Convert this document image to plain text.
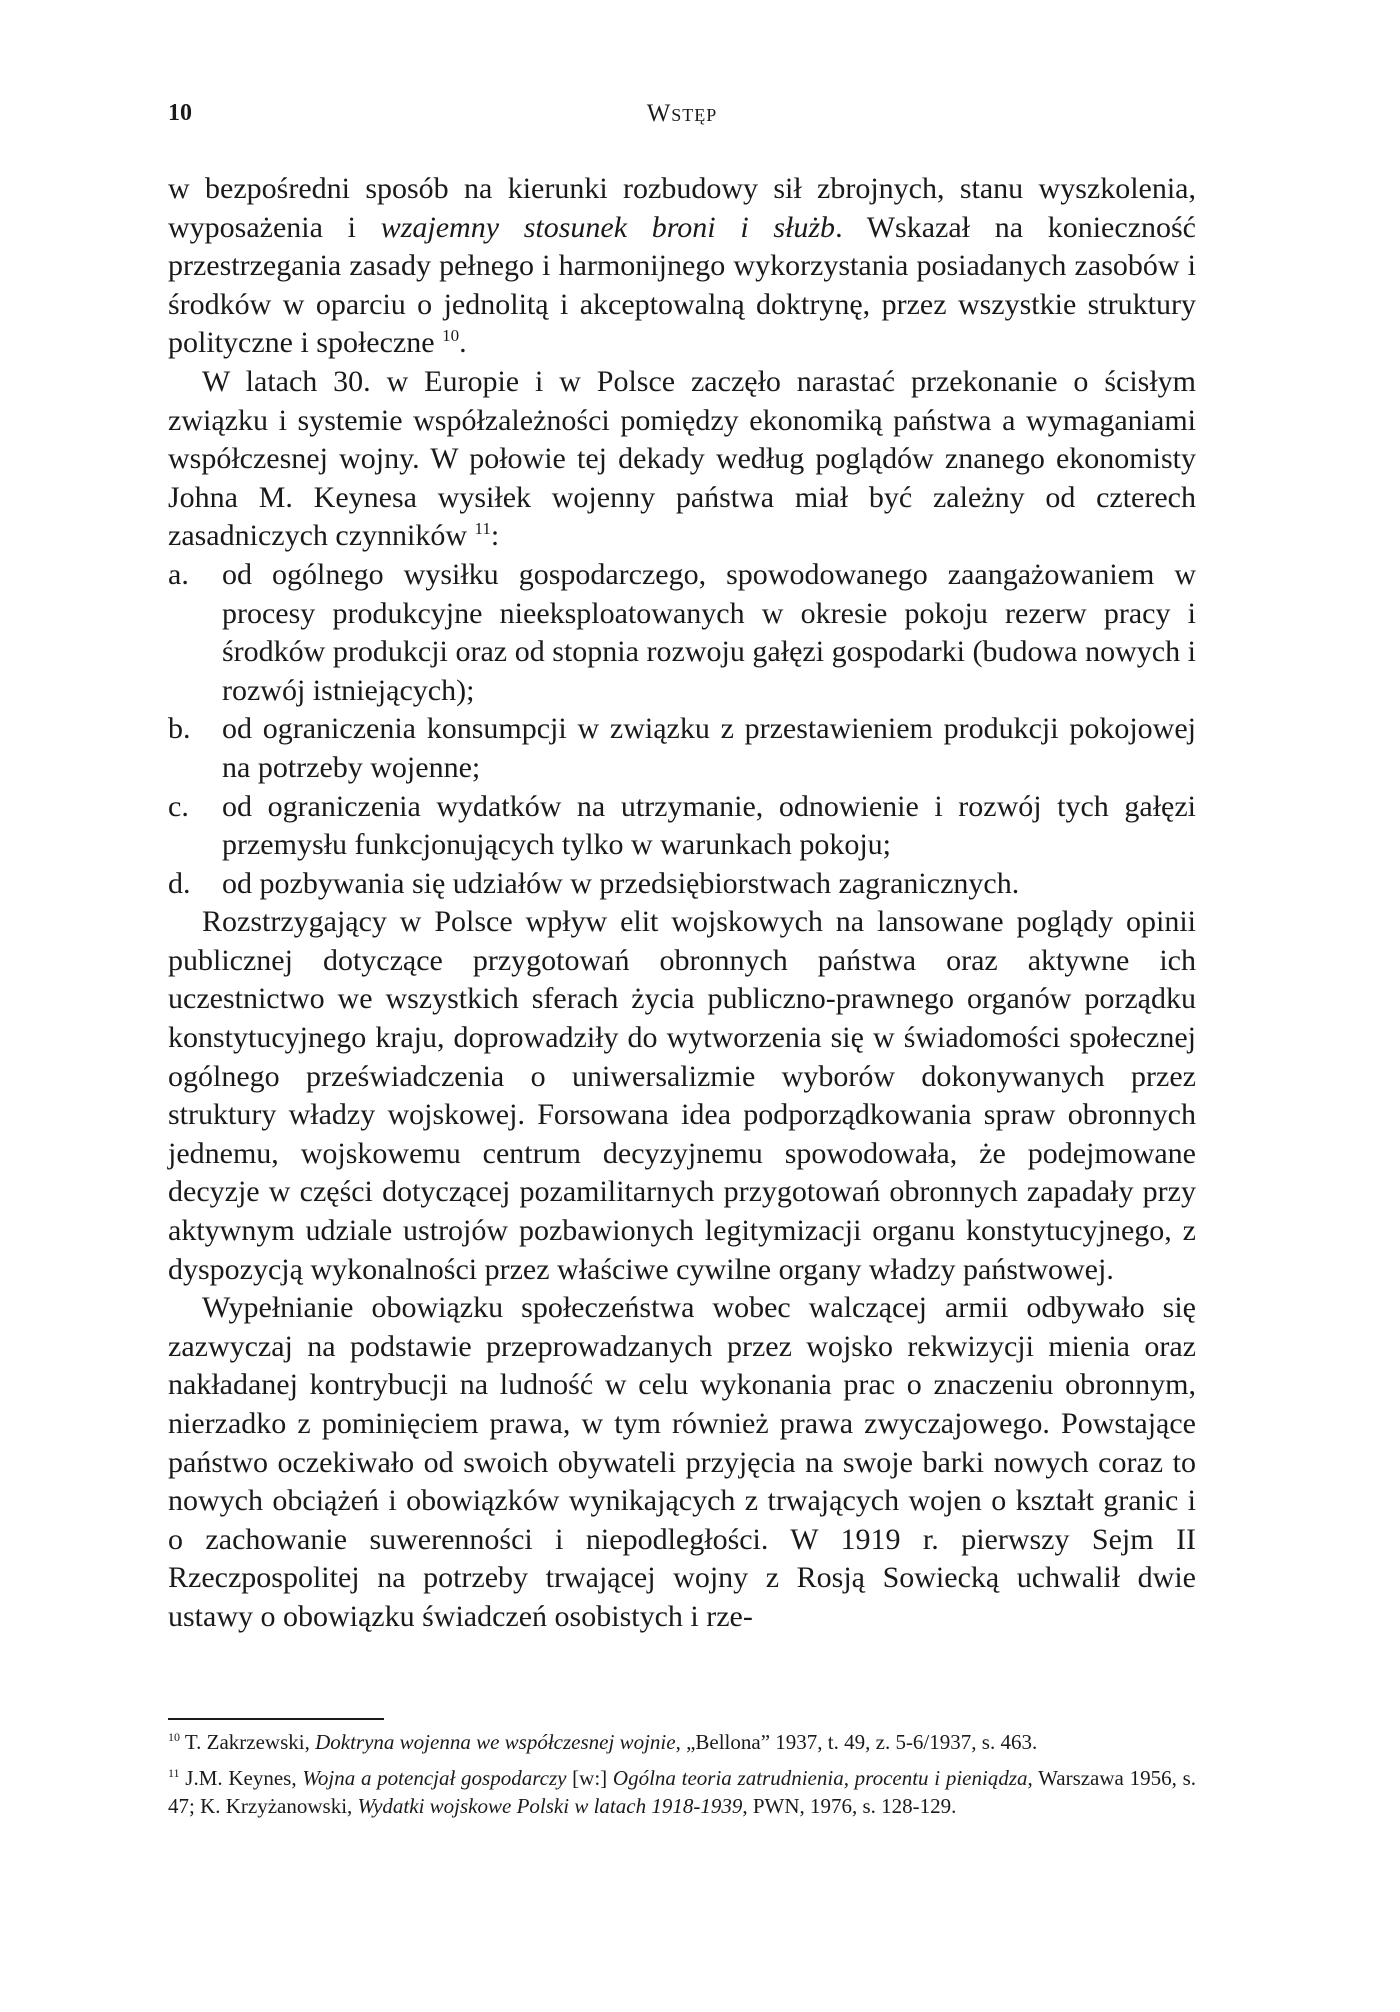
10	Wstęp

w bezpośredni sposób na kierunki rozbudowy sił zbrojnych, stanu wyszkolenia, wyposażenia i wzajemny stosunek broni i służb. Wskazał na konieczność przestrzegania zasady pełnego i harmonijnego wykorzystania posiadanych zasobów i środków w oparciu o jednolitą i akceptowalną doktrynę, przez wszystkie struktury polityczne i społeczne $^{10}$.

W latach 30. w Europie i w Polsce zaczęło narastać przekonanie o ścisłym związku i systemie współzależności pomiędzy ekonomiką państwa a wymaganiami współczesnej wojny. W połowie tej dekady według poglądów znanego ekonomisty Johna M. Keynesa wysiłek wojenny państwa miał być zależny od czterech zasadniczych czynników $^{11}$:

a. od ogólnego wysiłku gospodarczego, spowodowanego zaangażowaniem w procesy produkcyjne nieeksploatowanych w okresie pokoju rezerw pracy i środków produkcji oraz od stopnia rozwoju gałęzi gospodarki (budowa nowych i rozwój istniejących);
b. od ograniczenia konsumpcji w związku z przestawieniem produkcji pokojowej na potrzeby wojenne;
c. od ograniczenia wydatków na utrzymanie, odnowienie i rozwój tych gałęzi przemysłu funkcjonujących tylko w warunkach pokoju;
d. od pozbywania się udziałów w przedsiębiorstwach zagranicznych.

Rozstrzygający w Polsce wpływ elit wojskowych na lansowane poglądy opinii publicznej dotyczące przygotowań obronnych państwa oraz aktywne ich uczestnictwo we wszystkich sferach życia publiczno-prawnego organów porządku konstytucyjnego kraju, doprowadziły do wytworzenia się w świadomości społecznej ogólnego przeświadczenia o uniwersalizmie wyborów dokonywanych przez struktury władzy wojskowej. Forsowana idea podporządkowania spraw obronnych jednemu, wojskowemu centrum decyzyjnemu spowodowała, że podejmowane decyzje w części dotyczącej pozamilitarnych przygotowań obronnych zapadały przy aktywnym udziale ustrojów pozbawionych legitymizacji organu konstytucyjnego, z dyspozycją wykonalności przez właściwe cywilne organy władzy państwowej.

Wypełnianie obowiązku społeczeństwa wobec walczącej armii odbywało się zazwyczaj na podstawie przeprowadzanych przez wojsko rekwizycji mienia oraz nakładanej kontrybucji na ludność w celu wykonania prac o znaczeniu obronnym, nierzadko z pominięciem prawa, w tym również prawa zwyczajowego. Powstające państwo oczekiwało od swoich obywateli przyjęcia na swoje barki nowych coraz to nowych obciążeń i obowiązków wynikających z trwających wojen o kształt granic i o zachowanie suwerenności i niepodległości. W 1919 r. pierwszy Sejm II Rzeczpospolitej na potrzeby trwającej wojny z Rosją Sowiecką uchwalił dwie ustawy o obowiązku świadczeń osobistych i rze-

$^{10}$ T. Zakrzewski, Doktryna wojenna we współczesnej wojnie, „Bellona” 1937, t. 49, z. 5-6/1937, s. 463.

$^{11}$ J.M. Keynes, Wojna a potencjał gospodarczy [w:] Ogólna teoria zatrudnienia, procentu i pieniądza, Warszawa 1956, s. 47; K. Krzyżanowski, Wydatki wojskowe Polski w latach 1918-1939, PWN, 1976, s. 128-129.
